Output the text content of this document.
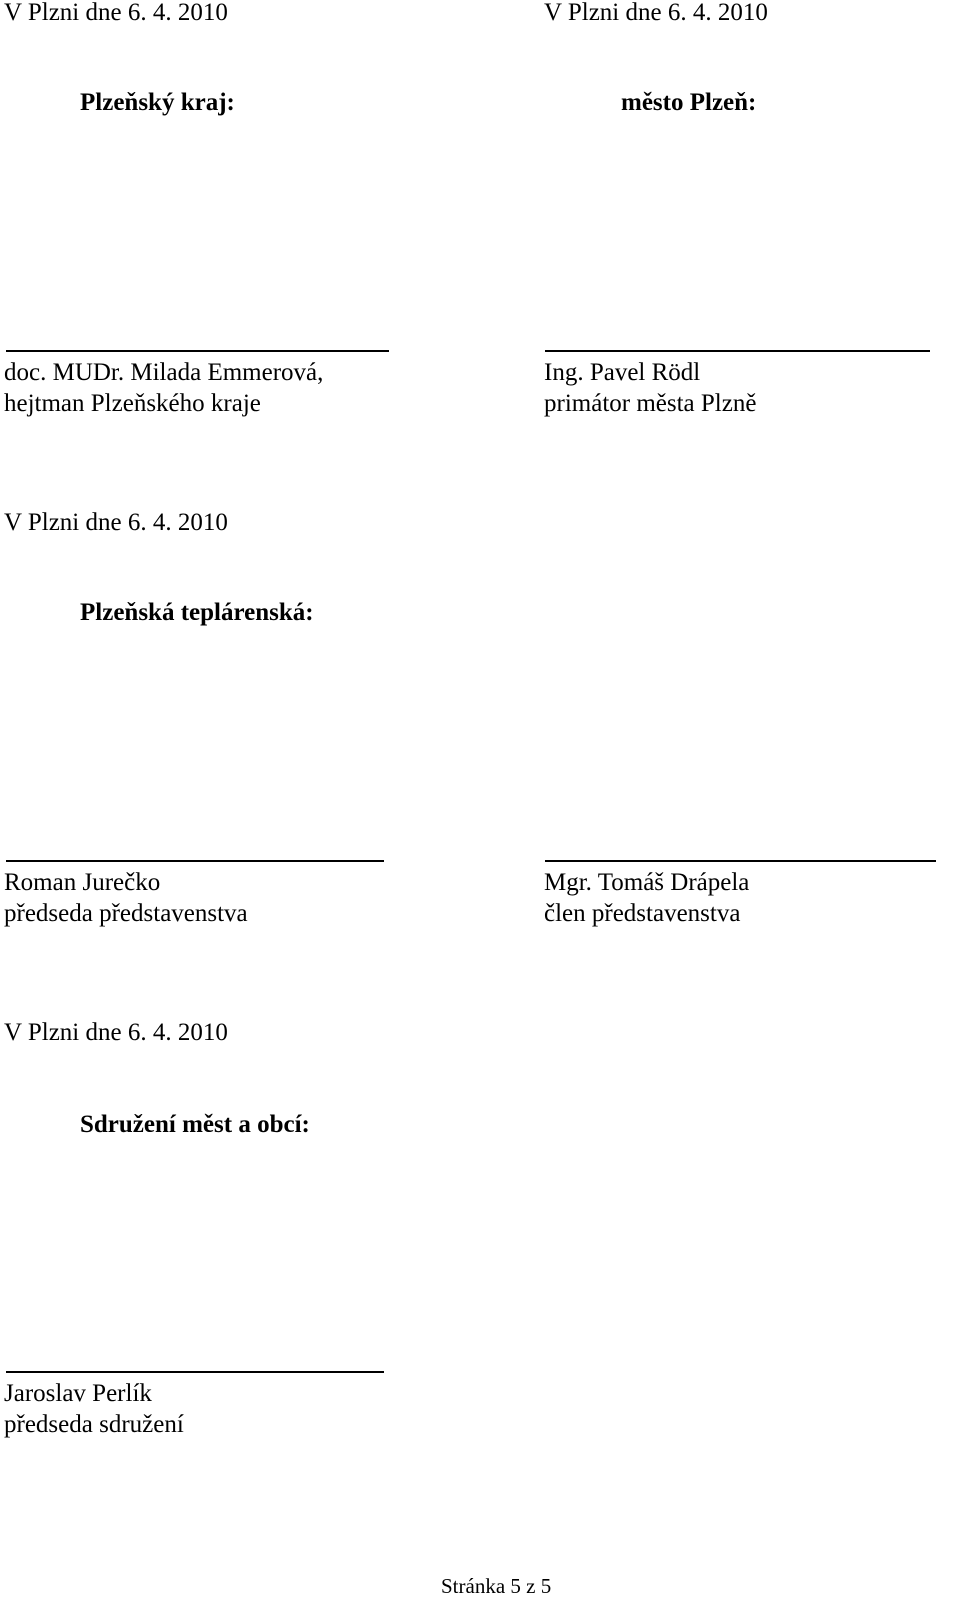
V Plzni dne 6. 4. 2010	V Plzni dne 6. 4. 2010
Plzeňský kraj:	město Plzeň:
doc. MUDr. Milada Emmerová,
hejtman Plzeňského kraje
Ing. Pavel Rödl
primátor města Plzně
V Plzni dne 6. 4. 2010
Plzeňská teplárenská:
Roman Jurečko
předseda představenstva
Mgr. Tomáš Drápela
člen představenstva
V Plzni dne 6. 4. 2010
Sdružení měst a obcí:
Jaroslav Perlík
předseda sdružení
Stránka 5 z 5
